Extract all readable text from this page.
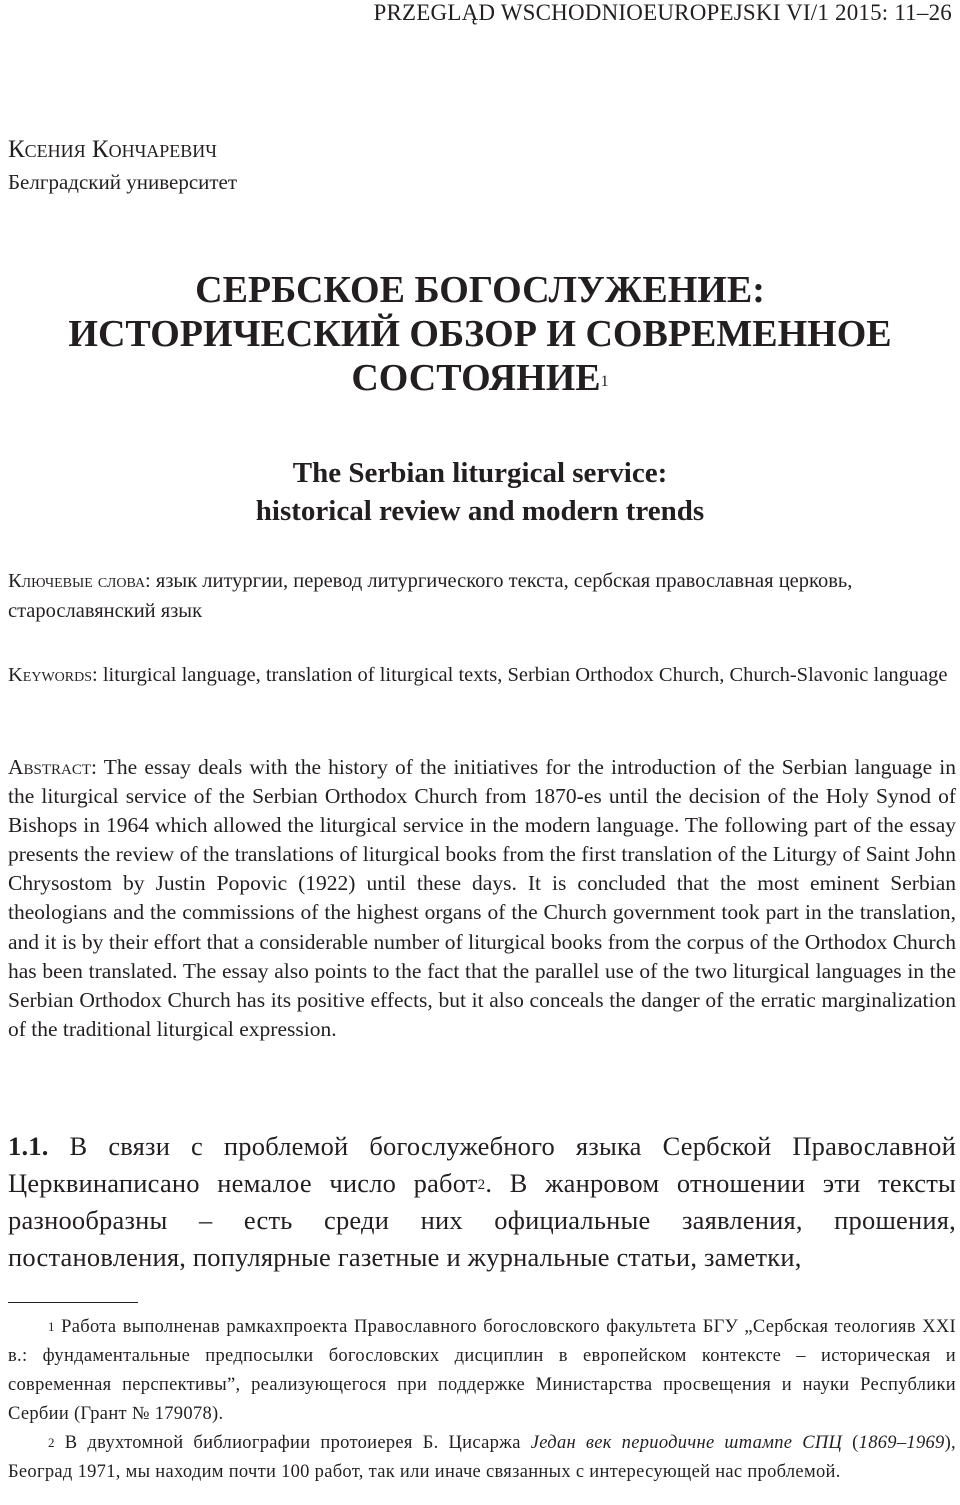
PRZEGLĄD WSCHODNIOEUROPEJSKI VI/1 2015: 11–26
Ксения Кончаревич
Белградский университет
СЕРБСКОЕ БОГОСЛУЖЕНИЕ:
ИСТОРИЧЕСКИЙ ОБЗОР И СОВРЕМЕННОЕ
СОСТОЯНИЕ$^1$
The Serbian liturgical service:
historical review and modern trends
Ключевые слова: язык литургии, перевод литургического текста, сербская православная церковь, старославянский язык
Keywords: liturgical language, translation of liturgical texts, Serbian Orthodox Church, Church-Slavonic language
Abstract: The essay deals with the history of the initiatives for the introduction of the Serbian language in the liturgical service of the Serbian Orthodox Church from 1870-es until the decision of the Holy Synod of Bishops in 1964 which allowed the liturgical service in the modern language. The following part of the essay presents the review of the translations of liturgical books from the first translation of the Liturgy of Saint John Chrysostom by Justin Popovic (1922) until these days. It is concluded that the most eminent Serbian theologians and the commissions of the highest organs of the Church government took part in the translation, and it is by their effort that a considerable number of liturgical books from the corpus of the Orthodox Church has been translated. The essay also points to the fact that the parallel use of the two liturgical languages in the Serbian Orthodox Church has its positive effects, but it also conceals the danger of the erratic marginalization of the traditional liturgical expression.
1.1. В связи с проблемой богослужебного языка Сербской Православной Церквинаписано немалое число работ$^2$. В жанровом отношении эти тексты разнообразны – есть среди них официальные заявления, прошения, постановления, популярные газетные и журнальные статьи, заметки,
$^1$ Работа выполненав рамкахпроекта Православного богословского факультета БГУ „Сербская теологияв XXI в.: фундаментальные предпосылки богословских дисциплин в европейском контексте – историческая и современная перспективы”, реализующегося при поддержке Министарства просвещения и науки Республики Сербии (Грант № 179078).
$^2$ В двухтомной библиографии протоиерея Б. Цисаржа Један век периодичне штампе СПЦ (1869–1969), Београд 1971, мы находим почти 100 работ, так или иначе связанных с интересующей нас проблемой.
